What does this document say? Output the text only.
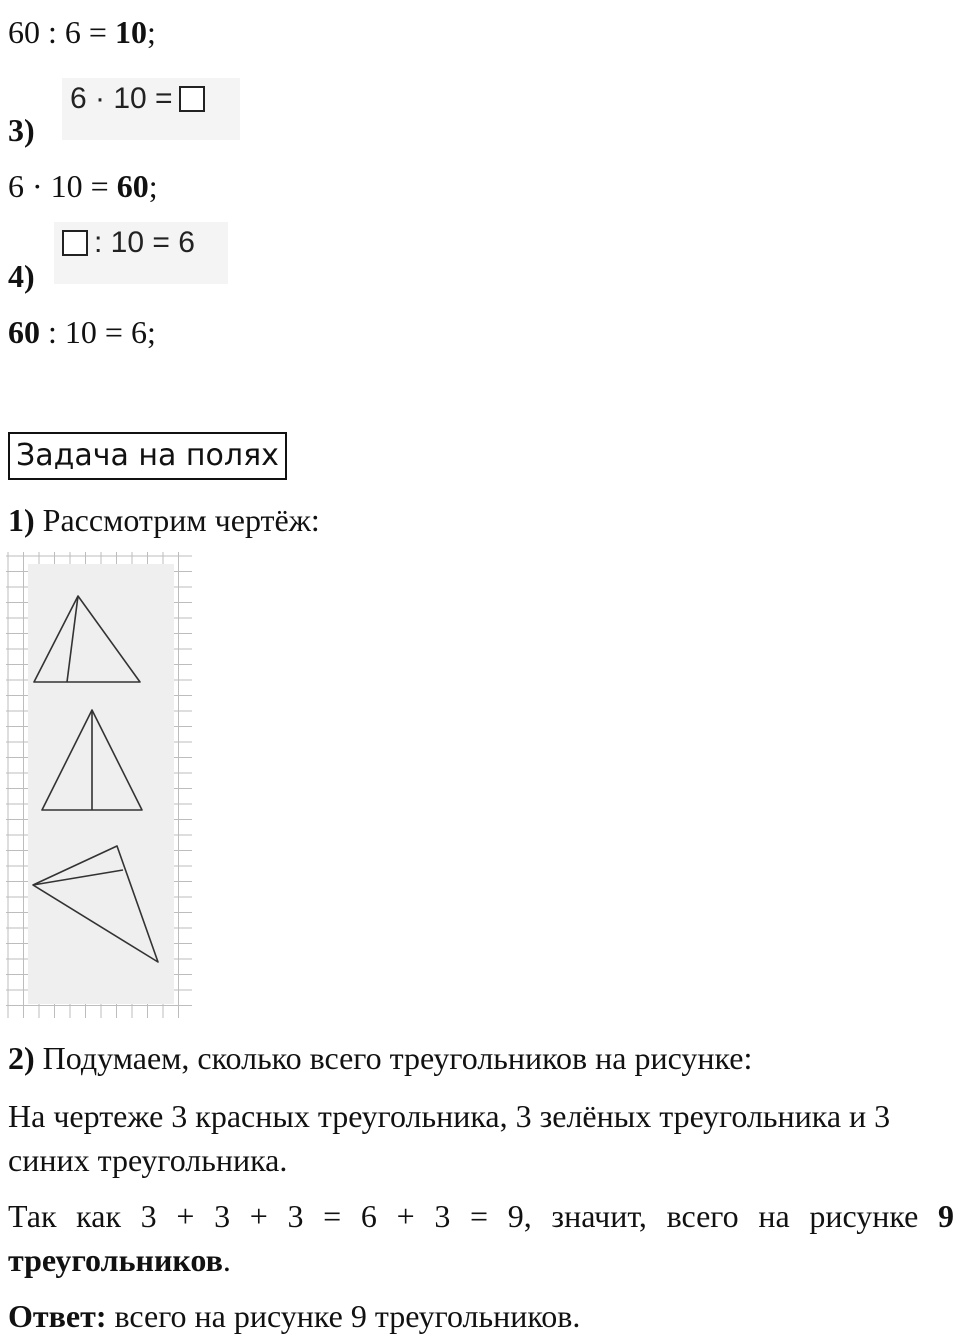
60 : 6 = 10;
6 · 10 =
3)
6 · 10 = 60;
: 10 = 6
4)
60 : 10 = 6;
Задача на полях
1) Рассмотрим чертёж:
2) Подумаем, сколько всего треугольников на рисунке:
На чертеже 3 красных треугольника, 3 зелёных треугольника и 3 синих треугольника.
Так как 3 + 3 + 3 = 6 + 3 = 9, значит, всего на рисунке 9 треугольников.
Ответ: всего на рисунке 9 треугольников.
